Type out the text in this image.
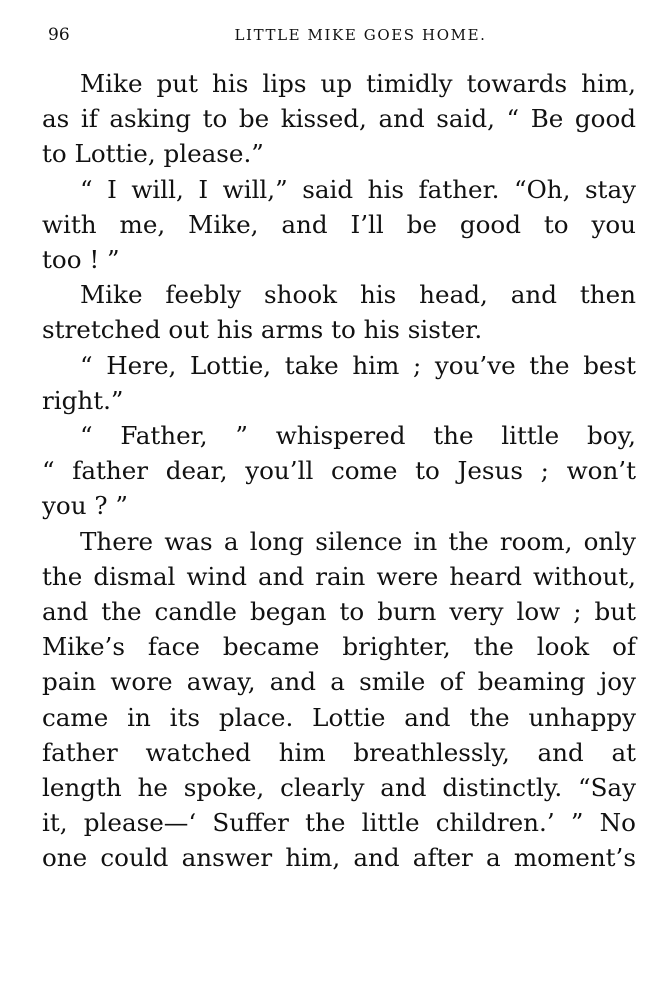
96	LITTLE MIKE GOES HOME.

Mike put his lips up timidly towards him,
as if asking to be kissed, and said, “ Be good
to Lottie, please.”

“ I will, I will,” said his father. “Oh, stay
with me, Mike, and I’ll be good to you
too ! ”

Mike feebly shook his head, and then
stretched out his arms to his sister.

“ Here, Lottie, take him ; you’ve the best
right.”

“ Father, ” whispered the little boy,
“ father dear, you’ll come to Jesus ; won’t
you ? ”

There was a long silence in the room, only
the dismal wind and rain were heard without,
and the candle began to burn very low ; but
Mike’s face became brighter, the look of
pain wore away, and a smile of beaming joy
came in its place. Lottie and the unhappy
father watched him breathlessly, and at
length he spoke, clearly and distinctly. “Say
it, please—‘ Suffer the little children.’ ” No
one could answer him, and after a moment’s
